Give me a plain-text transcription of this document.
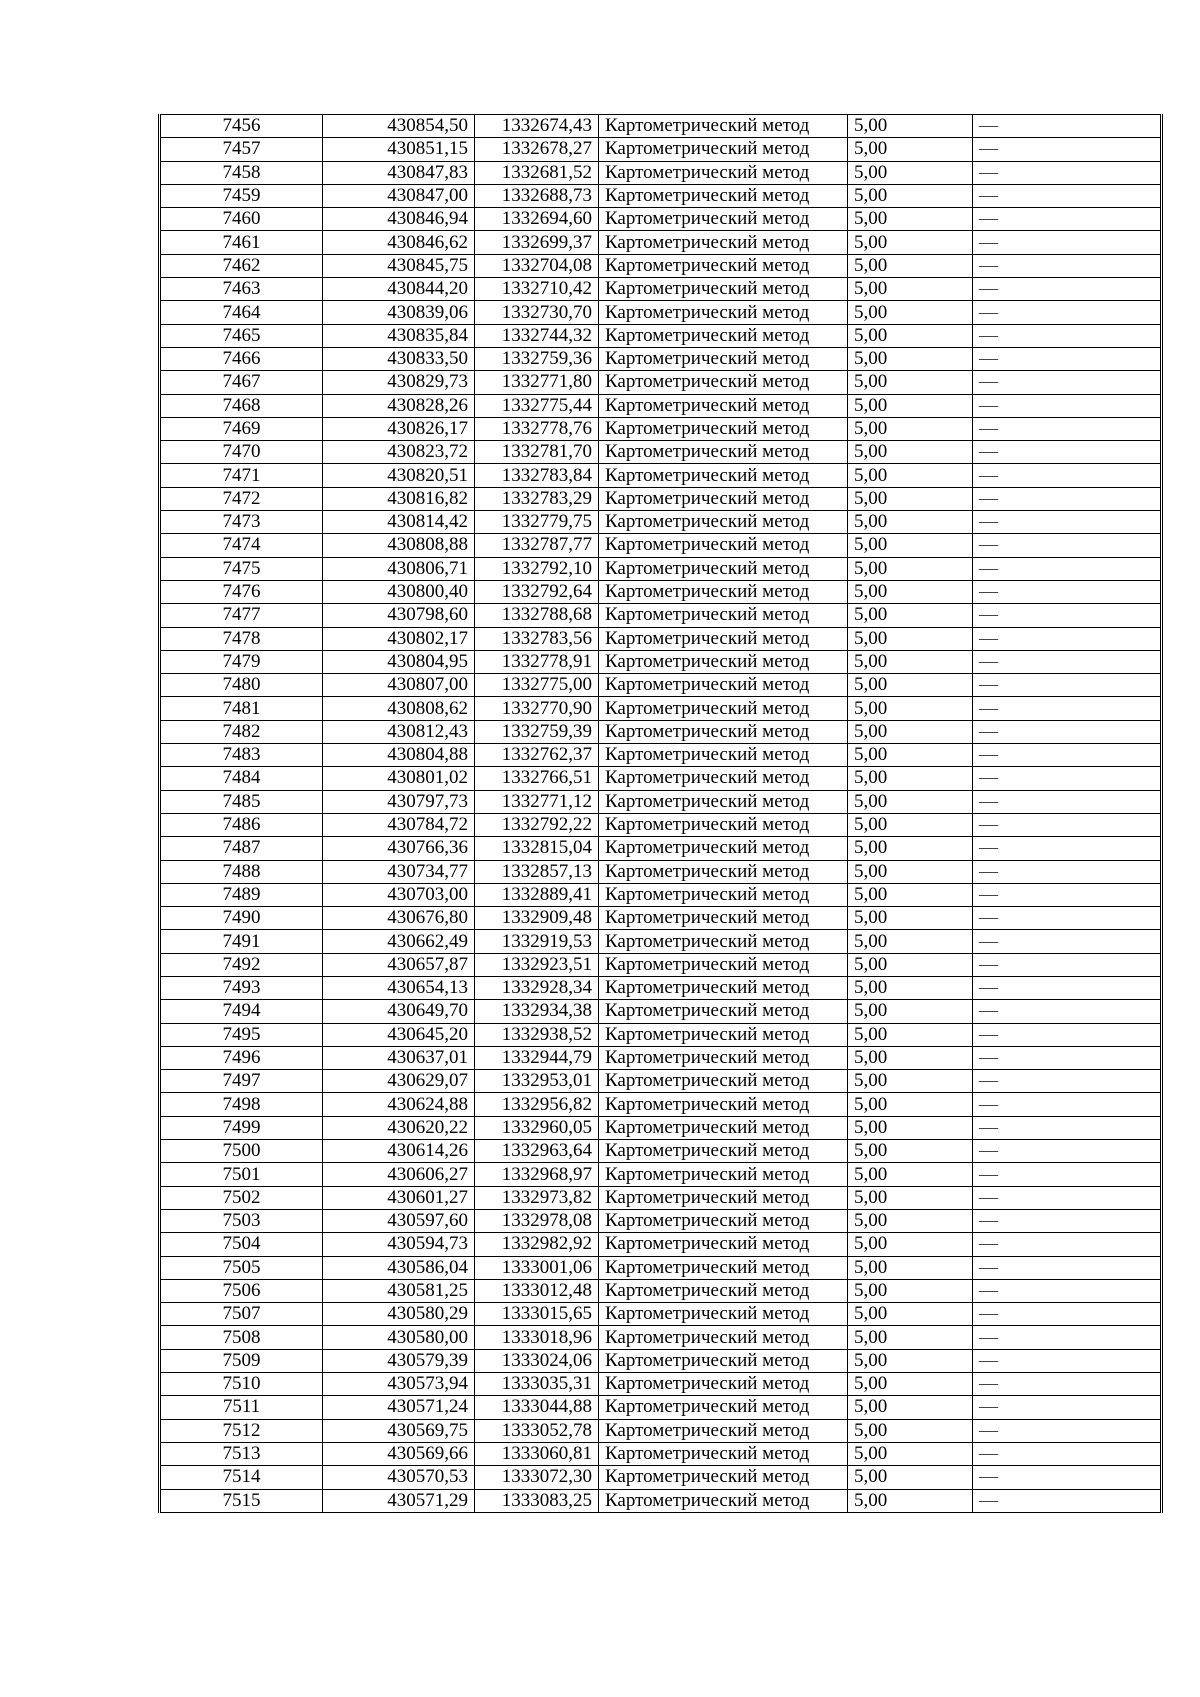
7456	430854,50	1332674,43	Картометрический метод	5,00	—
7457	430851,15	1332678,27	Картометрический метод	5,00	—
7458	430847,83	1332681,52	Картометрический метод	5,00	—
7459	430847,00	1332688,73	Картометрический метод	5,00	—
7460	430846,94	1332694,60	Картометрический метод	5,00	—
7461	430846,62	1332699,37	Картометрический метод	5,00	—
7462	430845,75	1332704,08	Картометрический метод	5,00	—
7463	430844,20	1332710,42	Картометрический метод	5,00	—
7464	430839,06	1332730,70	Картометрический метод	5,00	—
7465	430835,84	1332744,32	Картометрический метод	5,00	—
7466	430833,50	1332759,36	Картометрический метод	5,00	—
7467	430829,73	1332771,80	Картометрический метод	5,00	—
7468	430828,26	1332775,44	Картометрический метод	5,00	—
7469	430826,17	1332778,76	Картометрический метод	5,00	—
7470	430823,72	1332781,70	Картометрический метод	5,00	—
7471	430820,51	1332783,84	Картометрический метод	5,00	—
7472	430816,82	1332783,29	Картометрический метод	5,00	—
7473	430814,42	1332779,75	Картометрический метод	5,00	—
7474	430808,88	1332787,77	Картометрический метод	5,00	—
7475	430806,71	1332792,10	Картометрический метод	5,00	—
7476	430800,40	1332792,64	Картометрический метод	5,00	—
7477	430798,60	1332788,68	Картометрический метод	5,00	—
7478	430802,17	1332783,56	Картометрический метод	5,00	—
7479	430804,95	1332778,91	Картометрический метод	5,00	—
7480	430807,00	1332775,00	Картометрический метод	5,00	—
7481	430808,62	1332770,90	Картометрический метод	5,00	—
7482	430812,43	1332759,39	Картометрический метод	5,00	—
7483	430804,88	1332762,37	Картометрический метод	5,00	—
7484	430801,02	1332766,51	Картометрический метод	5,00	—
7485	430797,73	1332771,12	Картометрический метод	5,00	—
7486	430784,72	1332792,22	Картометрический метод	5,00	—
7487	430766,36	1332815,04	Картометрический метод	5,00	—
7488	430734,77	1332857,13	Картометрический метод	5,00	—
7489	430703,00	1332889,41	Картометрический метод	5,00	—
7490	430676,80	1332909,48	Картометрический метод	5,00	—
7491	430662,49	1332919,53	Картометрический метод	5,00	—
7492	430657,87	1332923,51	Картометрический метод	5,00	—
7493	430654,13	1332928,34	Картометрический метод	5,00	—
7494	430649,70	1332934,38	Картометрический метод	5,00	—
7495	430645,20	1332938,52	Картометрический метод	5,00	—
7496	430637,01	1332944,79	Картометрический метод	5,00	—
7497	430629,07	1332953,01	Картометрический метод	5,00	—
7498	430624,88	1332956,82	Картометрический метод	5,00	—
7499	430620,22	1332960,05	Картометрический метод	5,00	—
7500	430614,26	1332963,64	Картометрический метод	5,00	—
7501	430606,27	1332968,97	Картометрический метод	5,00	—
7502	430601,27	1332973,82	Картометрический метод	5,00	—
7503	430597,60	1332978,08	Картометрический метод	5,00	—
7504	430594,73	1332982,92	Картометрический метод	5,00	—
7505	430586,04	1333001,06	Картометрический метод	5,00	—
7506	430581,25	1333012,48	Картометрический метод	5,00	—
7507	430580,29	1333015,65	Картометрический метод	5,00	—
7508	430580,00	1333018,96	Картометрический метод	5,00	—
7509	430579,39	1333024,06	Картометрический метод	5,00	—
7510	430573,94	1333035,31	Картометрический метод	5,00	—
7511	430571,24	1333044,88	Картометрический метод	5,00	—
7512	430569,75	1333052,78	Картометрический метод	5,00	—
7513	430569,66	1333060,81	Картометрический метод	5,00	—
7514	430570,53	1333072,30	Картометрический метод	5,00	—
7515	430571,29	1333083,25	Картометрический метод	5,00	—
